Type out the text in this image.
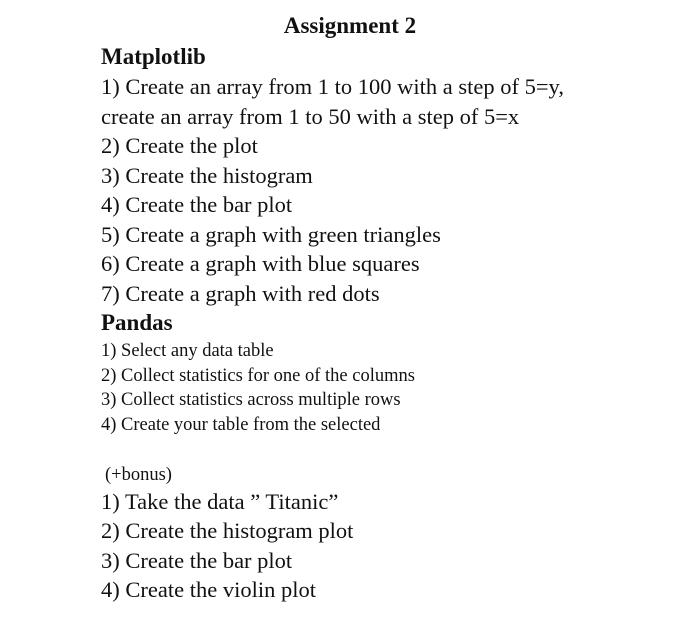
Assignment 2
Matplotlib
1) Create an array from 1 to 100 with a step of 5=y,
create an array from 1 to 50 with a step of 5=x
2) Create the plot
3) Create the histogram
4) Create the bar plot
5) Create a graph with green triangles
6) Create a graph with blue squares
7) Create a graph with red dots
Pandas
1) Select any data table
2) Collect statistics for one of the columns
3) Collect statistics across multiple rows
4) Create your table from the selected
(+bonus)
1) Take the data ” Titanic”
2) Create the histogram plot
3) Create the bar plot
4) Create the violin plot
